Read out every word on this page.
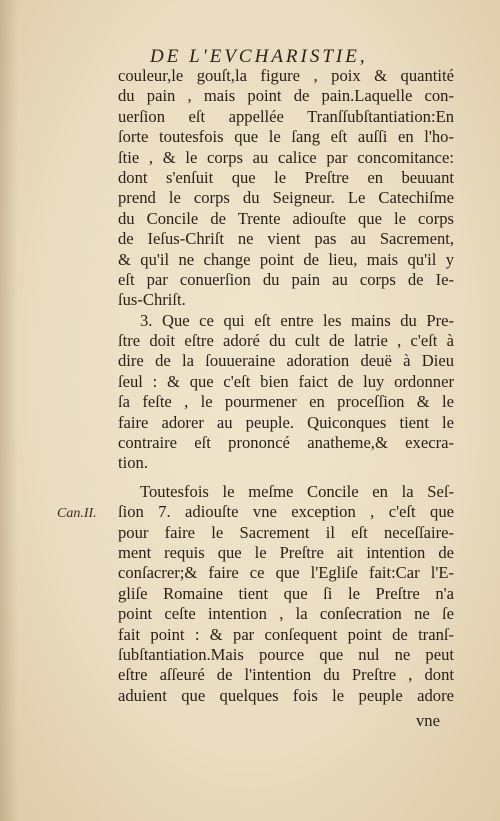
DE L'EVCHARISTIE,
Can.II.
couleur,le gouſt,la figure , poix & quantité
du pain , mais point de pain.Laquelle con-
uerſion eſt appellée Tranſſubſtantiation:En
ſorte toutesfois que le ſang eſt auſſi en l'ho-
ſtie , & le corps au calice par concomitance:
dont s'enſuit que le Preſtre en beuuant
prend le corps du Seigneur. Le Catechiſme
du Concile de Trente adiouſte que le corps
de Ieſus-Chriſt ne vient pas au Sacrement,
& qu'il ne change point de lieu, mais qu'il y
eſt par conuerſion du pain au corps de Ie-
ſus-Chriſt.
3. Que ce qui eſt entre les mains du Pre-
ſtre doit eſtre adoré du cult de latrie , c'eſt à
dire de la ſouueraine adoration deuë à Dieu
ſeul : & que c'eſt bien faict de luy ordonner
ſa feſte , le pourmener en proceſſion & le
faire adorer au peuple. Quiconques tient le
contraire eſt prononcé anatheme,& execra-
tion.
Toutesfois le meſme Concile en la Seſ-
ſion 7. adiouſte vne exception , c'eſt que
pour faire le Sacrement il eſt neceſſaire-
ment requis que le Preſtre ait intention de
conſacrer;& faire ce que l'Egliſe fait:Car l'E-
gliſe Romaine tient que ſi le Preſtre n'a
point ceſte intention , la conſecration ne ſe
fait point : & par conſequent point de tranſ-
ſubſtantiation.Mais pource que nul ne peut
eſtre aſſeuré de l'intention du Preſtre , dont
aduient que quelques fois le peuple adore
vne
